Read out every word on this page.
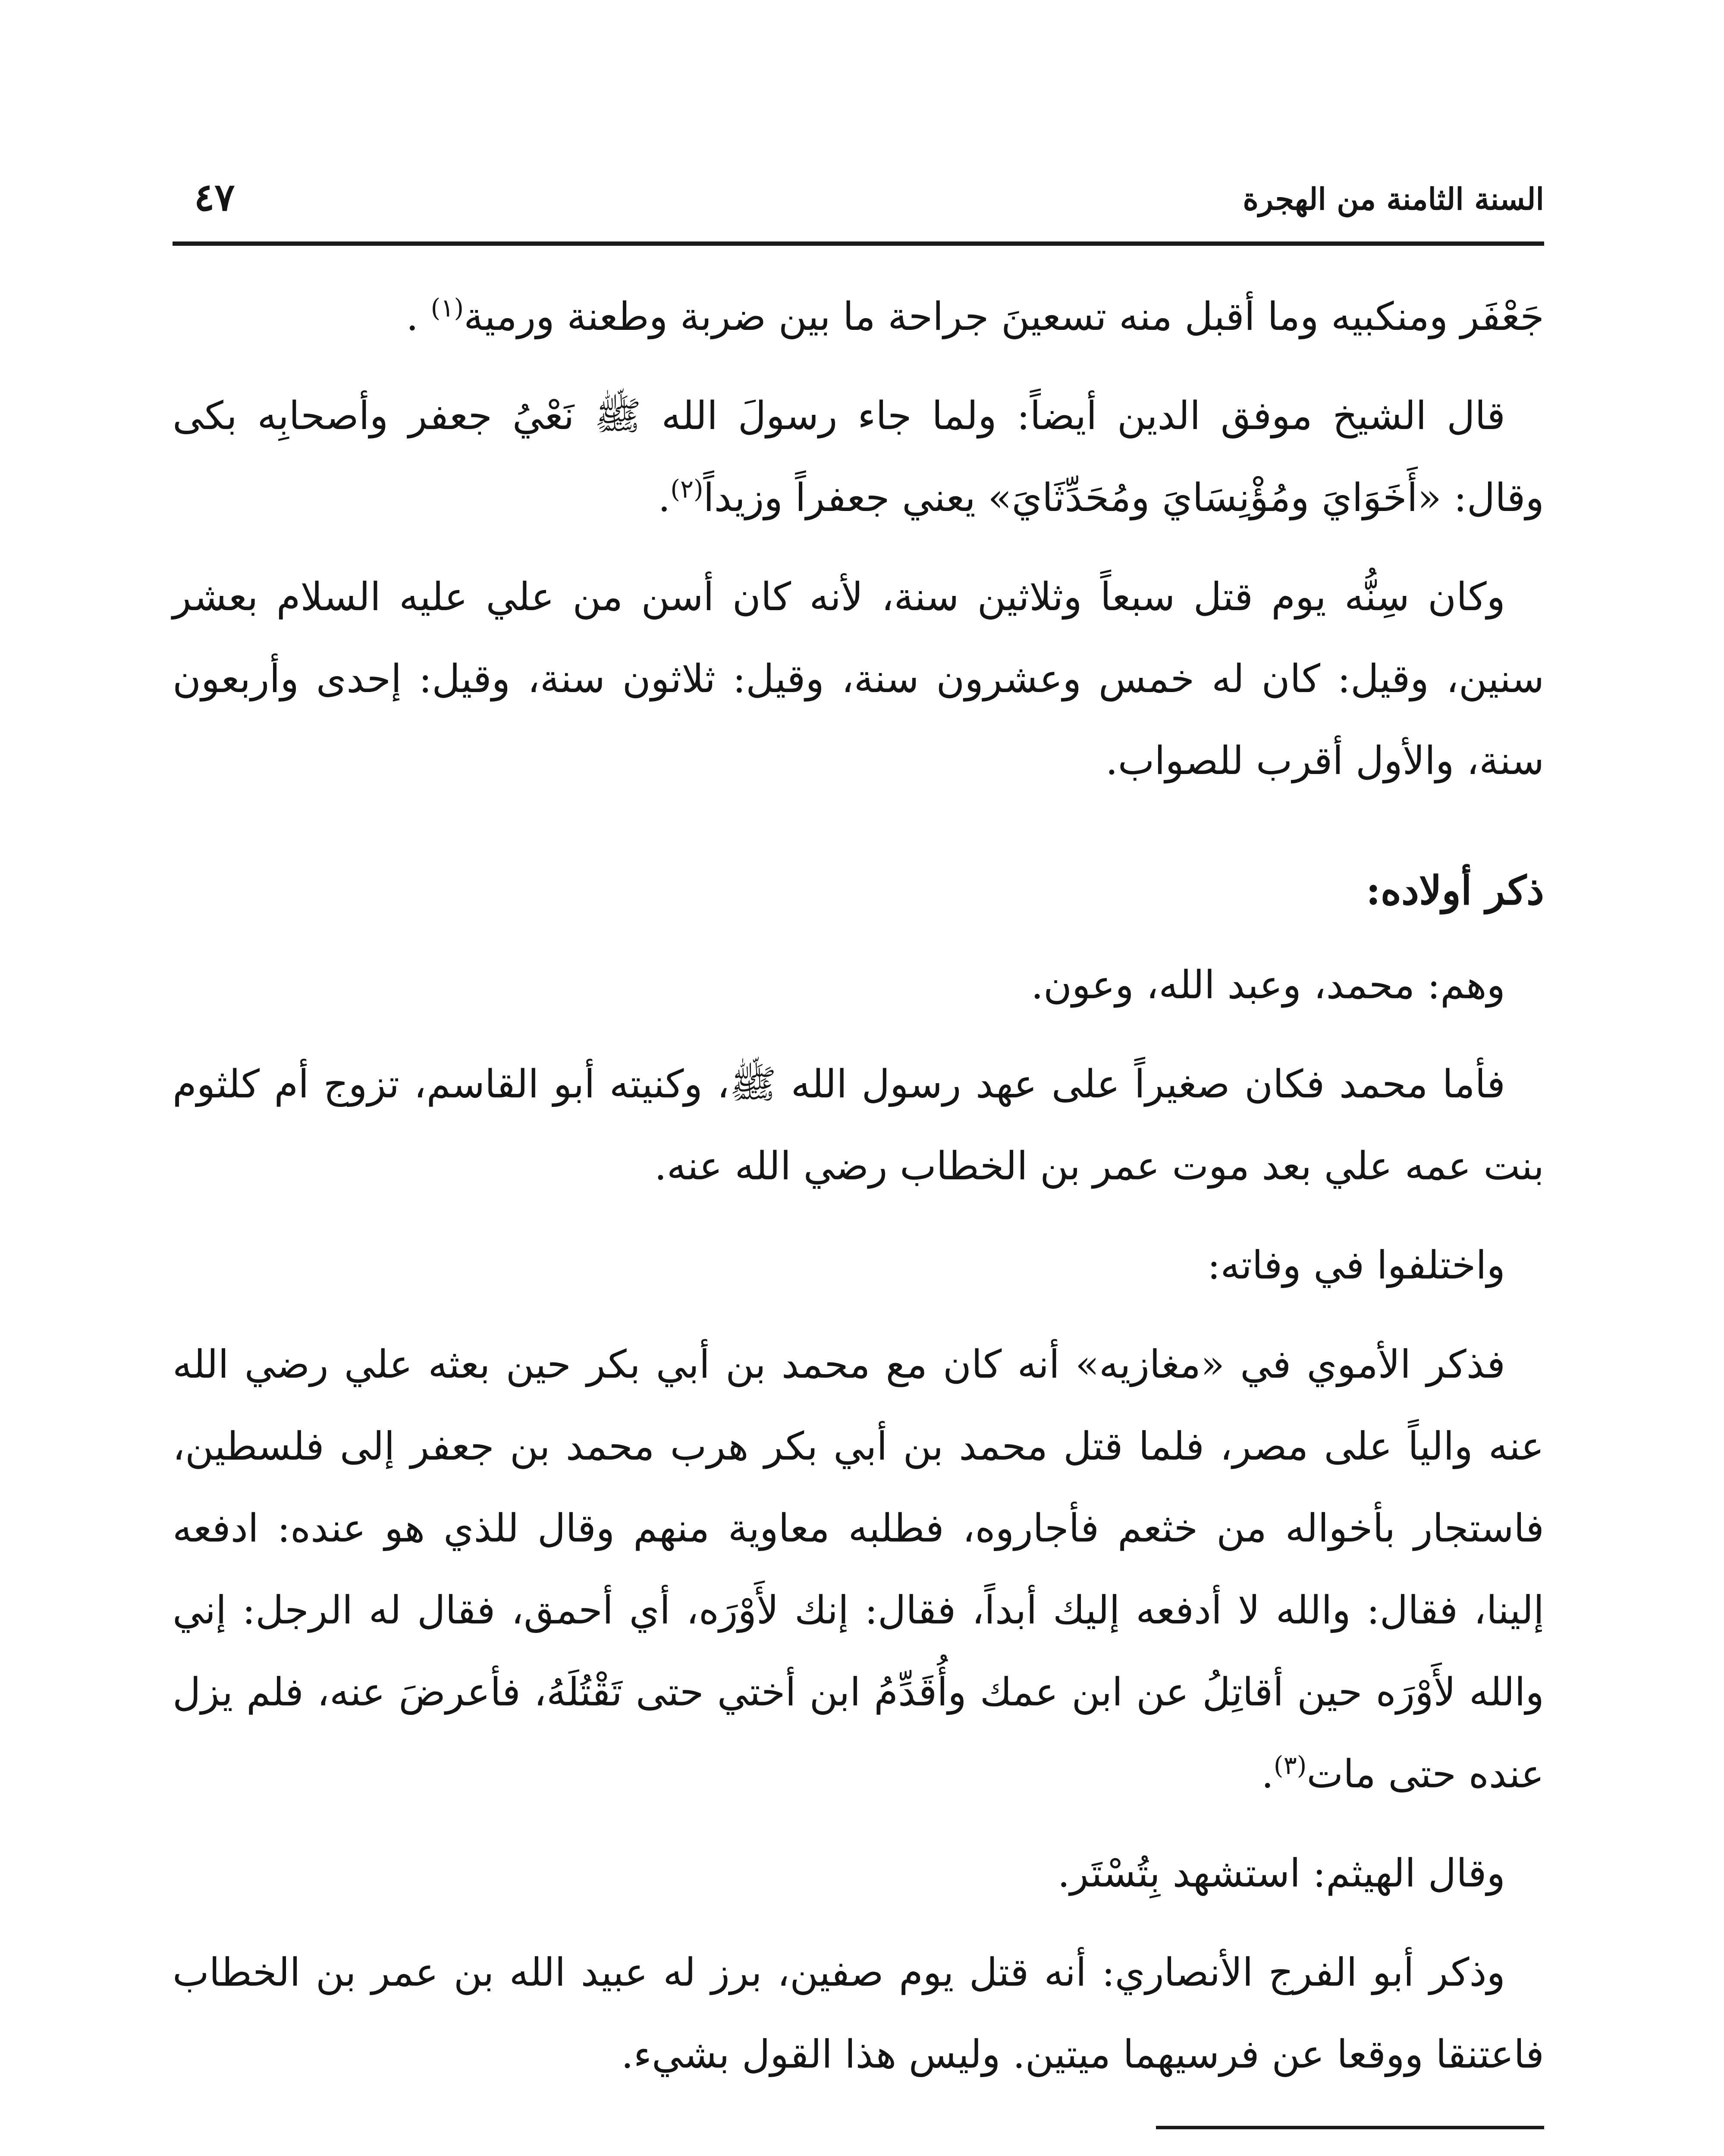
السنة الثامنة من الهجرة
٤٧

جَعْفَر ومنكبيه وما أقبل منه تسعينَ جراحة ما بين ضربة وطعنة ورمية$^{(١)}$ .

قال الشيخ موفق الدين أيضاً: ولما جاء رسولَ الله ﷺ نَعْيُ جعفر وأصحابِه بكى وقال: «أَخَوَايَ ومُؤْنِسَايَ ومُحَدِّثَايَ» يعني جعفراً وزيداً$^{(٢)}$.

وكان سِنُّه يوم قتل سبعاً وثلاثين سنة، لأنه كان أسن من علي عليه السلام بعشر سنين، وقيل: كان له خمس وعشرون سنة، وقيل: ثلاثون سنة، وقيل: إحدى وأربعون سنة، والأول أقرب للصواب.

ذكر أولاده:

وهم: محمد، وعبد الله، وعون.

فأما محمد فكان صغيراً على عهد رسول الله ﷺ، وكنيته أبو القاسم، تزوج أم كلثوم بنت عمه علي بعد موت عمر بن الخطاب رضي الله عنه.

واختلفوا في وفاته:

فذكر الأموي في «مغازيه» أنه كان مع محمد بن أبي بكر حين بعثه علي رضي الله عنه والياً على مصر، فلما قتل محمد بن أبي بكر هرب محمد بن جعفر إلى فلسطين، فاستجار بأخواله من خثعم فأجاروه، فطلبه معاوية منهم وقال للذي هو عنده: ادفعه إلينا، فقال: والله لا أدفعه إليك أبداً، فقال: إنك لأَوْرَه، أي أحمق، فقال له الرجل: إني والله لأَوْرَه حين أقاتِلُ عن ابن عمك وأُقَدِّمُ ابن أختي حتى تَقْتُلَهُ، فأعرضَ عنه، فلم يزل عنده حتى مات$^{(٣)}$.

وقال الهيثم: استشهد بِتُسْتَر.

وذكر أبو الفرج الأنصاري: أنه قتل يوم صفين، برز له عبيد الله بن عمر بن الخطاب فاعتنقا ووقعا عن فرسيهما ميتين. وليس هذا القول بشيء.
